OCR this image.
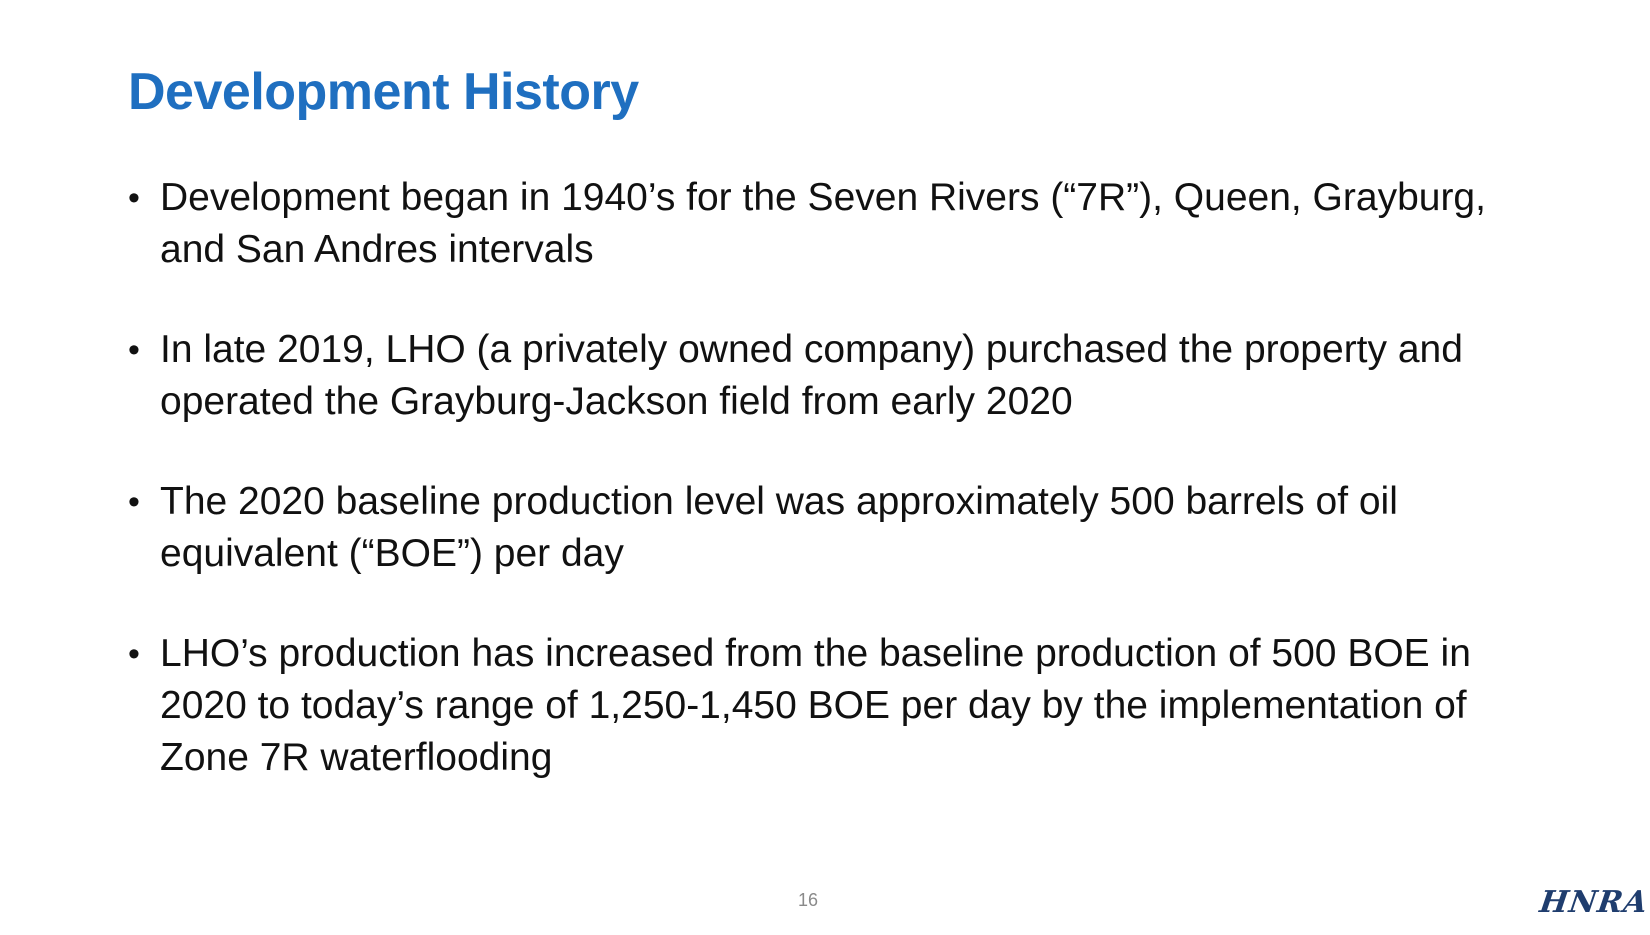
Development History
• Development began in 1940’s for the Seven Rivers (“7R”), Queen, Grayburg, and San Andres intervals
• In late 2019, LHO (a privately owned company) purchased the property and operated the Grayburg-Jackson field from early 2020
• The 2020 baseline production level was approximately 500 barrels of oil equivalent (“BOE”) per day
• LHO’s production has increased from the baseline production of 500 BOE in 2020 to today’s range of 1,250-1,450 BOE per day by the implementation of Zone 7R waterflooding
16	HNRA
